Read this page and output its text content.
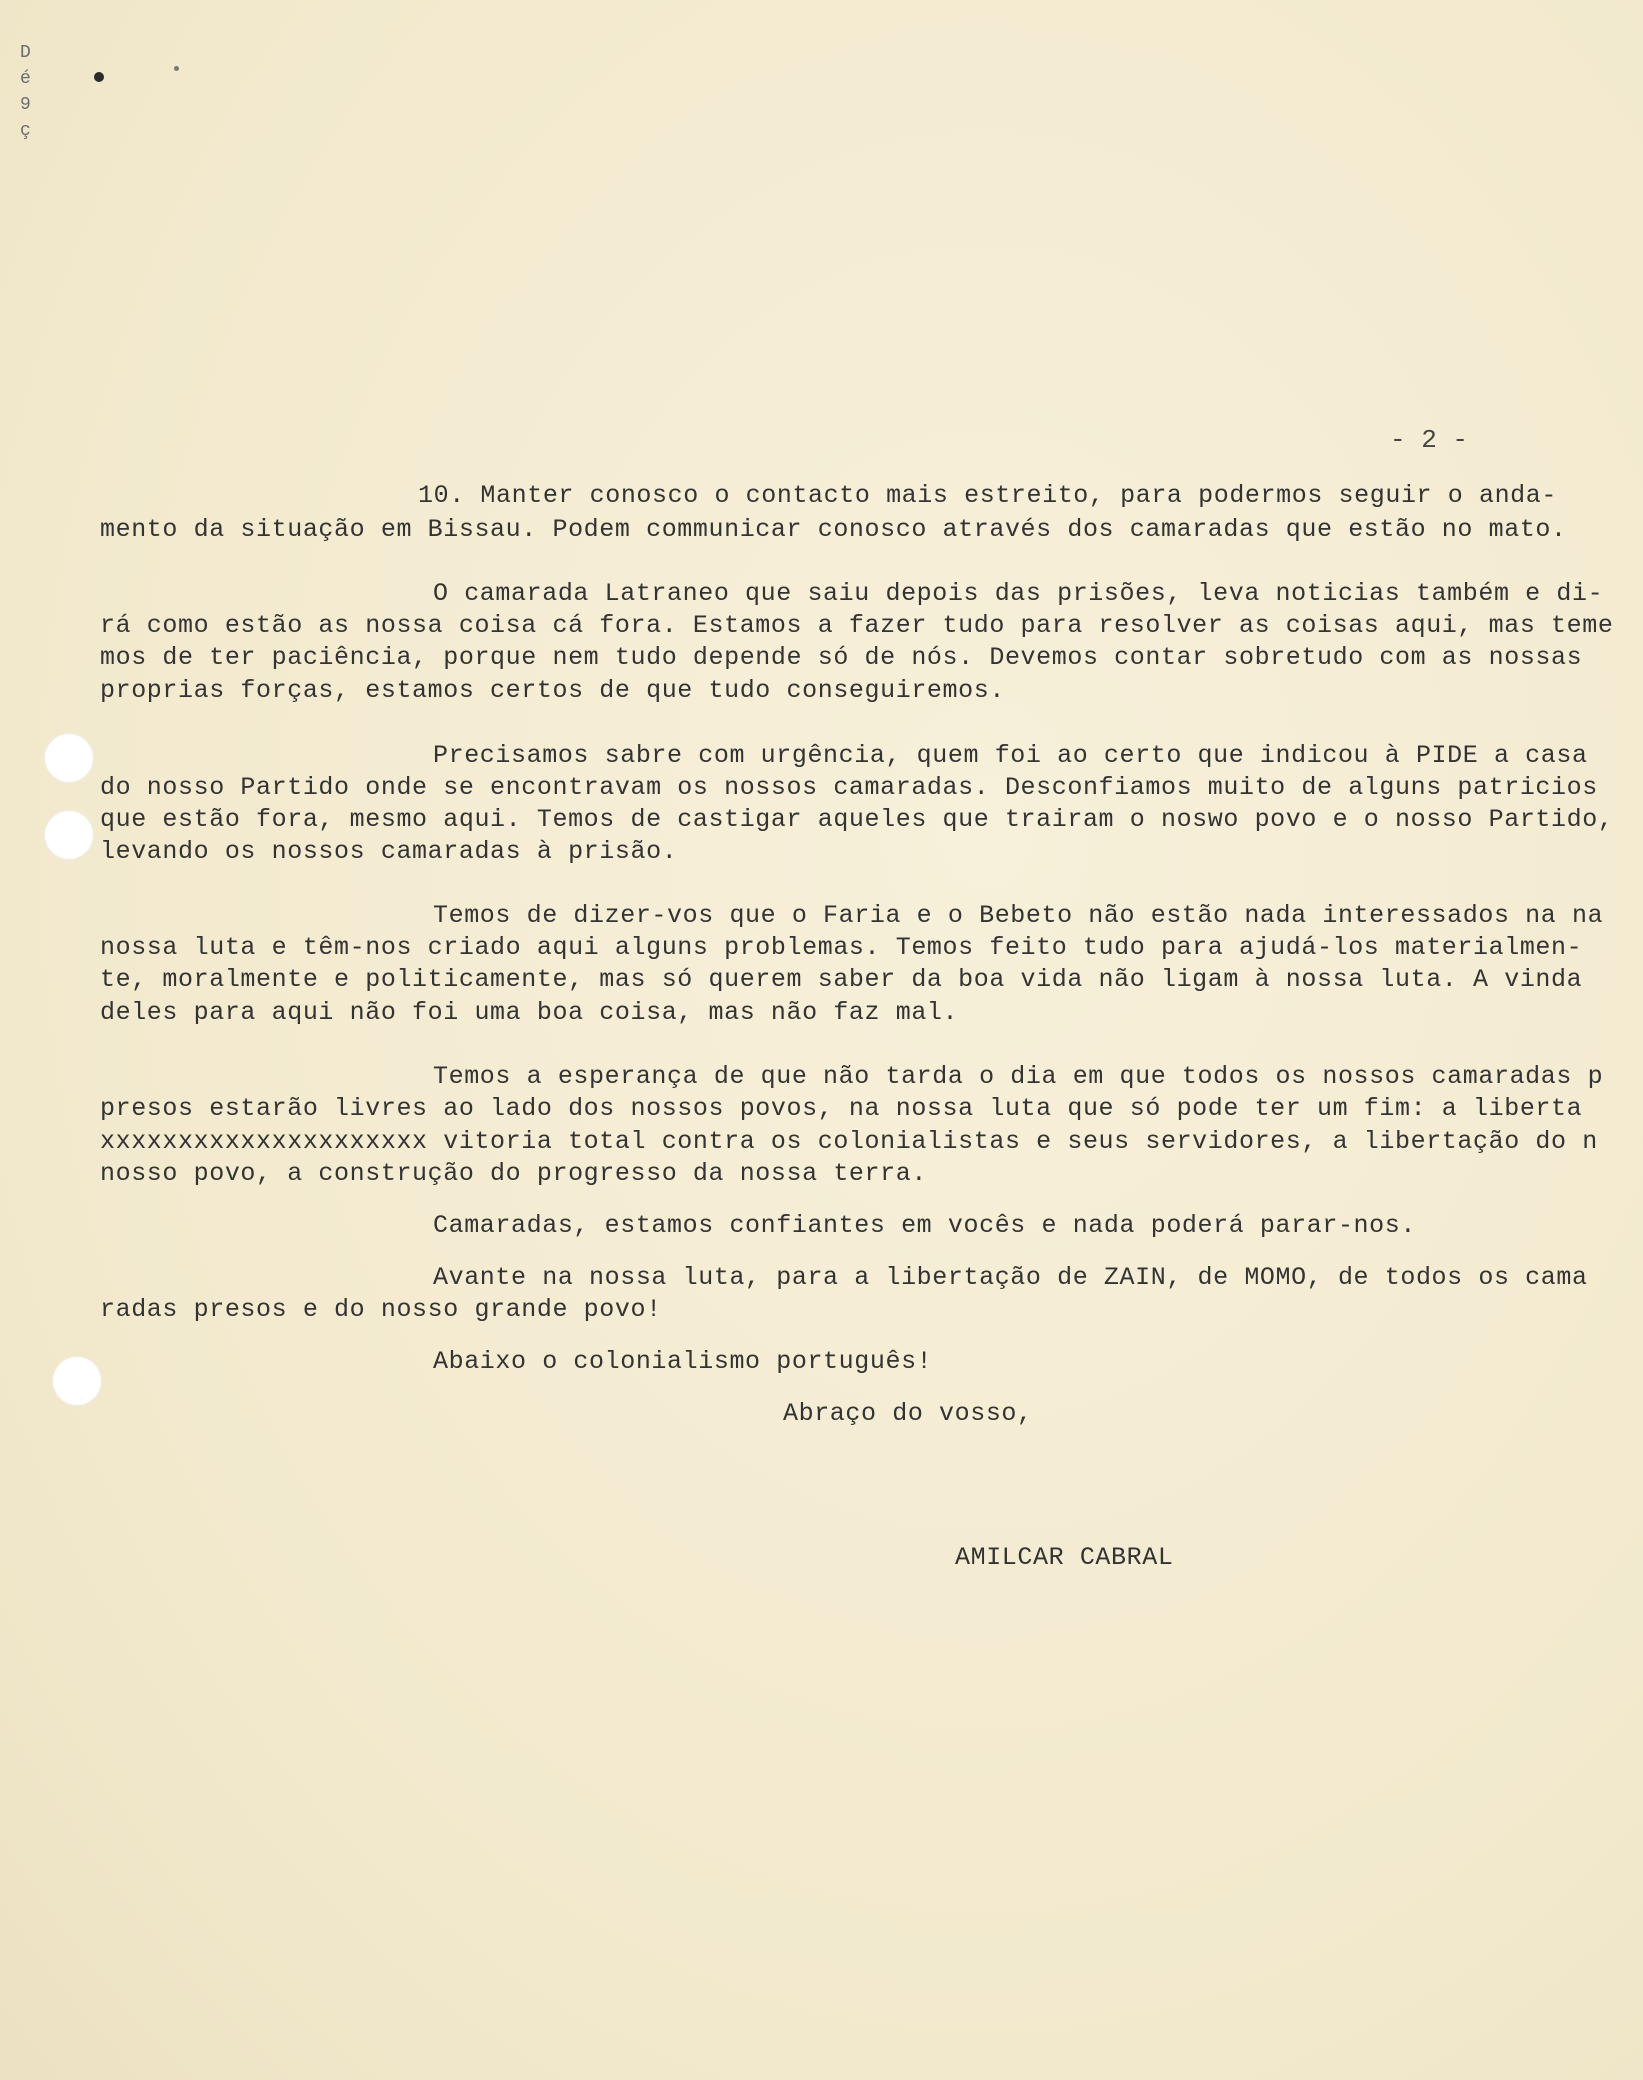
D
é
9
ç
- 2 -

10. Manter conosco o contacto mais estreito, para podermos seguir o anda-

mento da situação em Bissau. Podem communicar conosco através dos camaradas que estão no mato.

O camarada Latraneo que saiu depois das prisões, leva noticias também e di-

rá como estão as nossa coisa cá fora. Estamos a fazer tudo para resolver as coisas aqui, mas teme

mos de ter paciência, porque nem tudo depende só de nós. Devemos contar sobretudo com as nossas

proprias forças, estamos certos de que tudo conseguiremos.

Precisamos sabre com urgência, quem foi ao certo que indicou à PIDE a casa

do nosso Partido onde se encontravam os nossos camaradas. Desconfiamos muito de alguns patricios

que estão fora, mesmo aqui. Temos de castigar aqueles que trairam o noswo povo e o nosso Partido,

levando os nossos camaradas à prisão.

Temos de dizer-vos que o Faria e o Bebeto não estão nada interessados na na

nossa luta e têm-nos criado aqui alguns problemas. Temos feito tudo para ajudá-los materialmen-

te, moralmente e politicamente, mas só querem saber da boa vida não ligam à nossa luta. A vinda

deles para aqui não foi uma boa coisa, mas não faz mal.

Temos a esperança de que não tarda o dia em que todos os nossos camaradas p

presos estarão livres ao lado dos nossos povos, na nossa luta que só pode ter um fim: a liberta

xxxxxxxxxxxxxxxxxxxxx vitoria total contra os colonialistas e seus servidores, a libertação do n

nosso povo, a construção do progresso da nossa terra.

Camaradas, estamos confiantes em vocês e nada poderá parar-nos.

Avante na nossa luta, para a libertação de ZAIN, de MOMO, de todos os cama

radas presos e do nosso grande povo!

Abaixo o colonialismo português!

Abraço do vosso,

AMILCAR CABRAL
